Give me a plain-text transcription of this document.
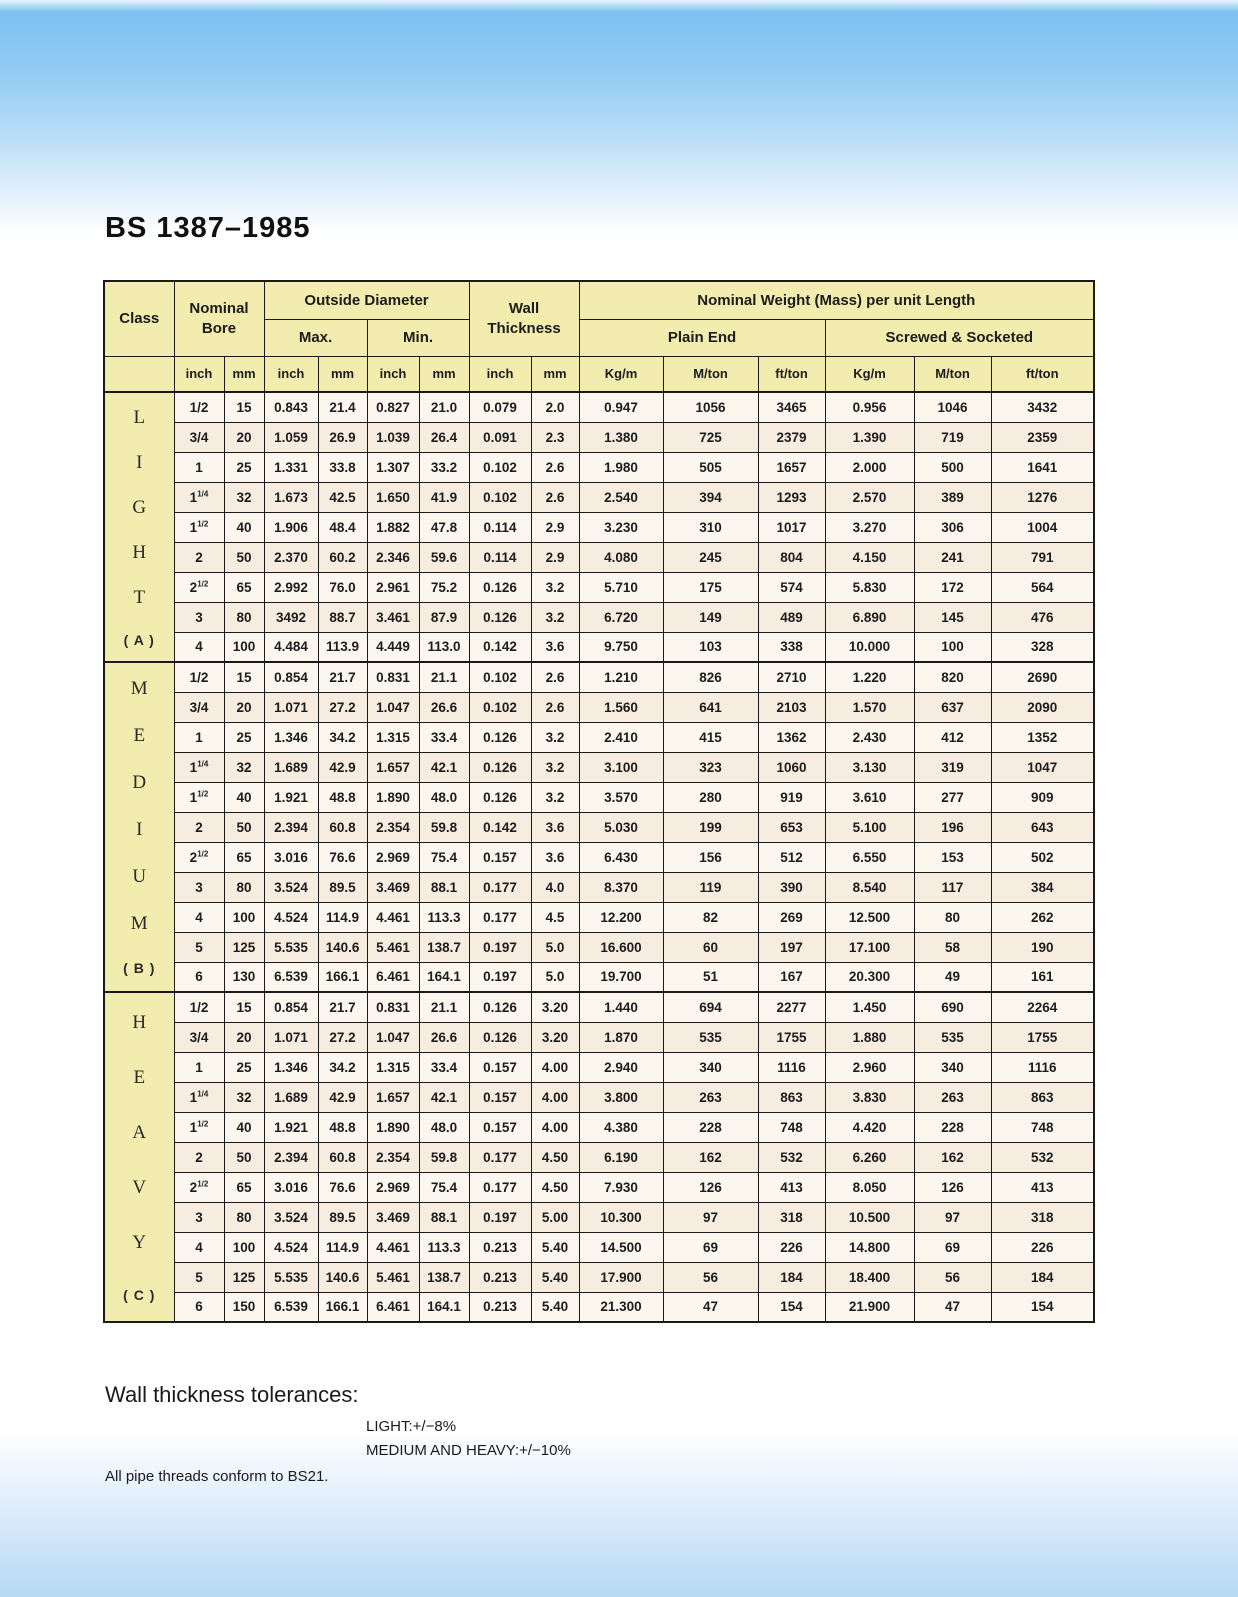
BS 1387–1985
Class	Nominal Bore		Outside Diameter				Wall Thickness		Nominal Weight (Mass) per unit Length					
			Max.		Min.				Plain End			Screwed & Socketed		
	inch	mm	inch	mm	inch	mm	inch	mm	Kg/m	M/ton	ft/ton	Kg/m	M/ton	ft/ton

L
I
G
H
T
( A )
	1/2	15	0.843	21.4	0.827	21.0	0.079	2.0	0.947	1056	3465	0.956	1046	3432
	3/4	20	1.059	26.9	1.039	26.4	0.091	2.3	1.380	725	2379	1.390	719	2359
	1	25	1.331	33.8	1.307	33.2	0.102	2.6	1.980	505	1657	2.000	500	1641
	$1^{1/4}$	32	1.673	42.5	1.650	41.9	0.102	2.6	2.540	394	1293	2.570	389	1276
	$1^{1/2}$	40	1.906	48.4	1.882	47.8	0.114	2.9	3.230	310	1017	3.270	306	1004
	2	50	2.370	60.2	2.346	59.6	0.114	2.9	4.080	245	804	4.150	241	791
	$2^{1/2}$	65	2.992	76.0	2.961	75.2	0.126	3.2	5.710	175	574	5.830	172	564
	3	80	3492	88.7	3.461	87.9	0.126	3.2	6.720	149	489	6.890	145	476
	4	100	4.484	113.9	4.449	113.0	0.142	3.6	9.750	103	338	10.000	100	328

M
E
D
I
U
M
( B )
	1/2	15	0.854	21.7	0.831	21.1	0.102	2.6	1.210	826	2710	1.220	820	2690
	3/4	20	1.071	27.2	1.047	26.6	0.102	2.6	1.560	641	2103	1.570	637	2090
	1	25	1.346	34.2	1.315	33.4	0.126	3.2	2.410	415	1362	2.430	412	1352
	$1^{1/4}$	32	1.689	42.9	1.657	42.1	0.126	3.2	3.100	323	1060	3.130	319	1047
	$1^{1/2}$	40	1.921	48.8	1.890	48.0	0.126	3.2	3.570	280	919	3.610	277	909
	2	50	2.394	60.8	2.354	59.8	0.142	3.6	5.030	199	653	5.100	196	643
	$2^{1/2}$	65	3.016	76.6	2.969	75.4	0.157	3.6	6.430	156	512	6.550	153	502
	3	80	3.524	89.5	3.469	88.1	0.177	4.0	8.370	119	390	8.540	117	384
	4	100	4.524	114.9	4.461	113.3	0.177	4.5	12.200	82	269	12.500	80	262
	5	125	5.535	140.6	5.461	138.7	0.197	5.0	16.600	60	197	17.100	58	190
	6	130	6.539	166.1	6.461	164.1	0.197	5.0	19.700	51	167	20.300	49	161

H
E
A
V
Y
( C )
	1/2	15	0.854	21.7	0.831	21.1	0.126	3.20	1.440	694	2277	1.450	690	2264
	3/4	20	1.071	27.2	1.047	26.6	0.126	3.20	1.870	535	1755	1.880	535	1755
	1	25	1.346	34.2	1.315	33.4	0.157	4.00	2.940	340	1116	2.960	340	1116
	$1^{1/4}$	32	1.689	42.9	1.657	42.1	0.157	4.00	3.800	263	863	3.830	263	863
	$1^{1/2}$	40	1.921	48.8	1.890	48.0	0.157	4.00	4.380	228	748	4.420	228	748
	2	50	2.394	60.8	2.354	59.8	0.177	4.50	6.190	162	532	6.260	162	532
	$2^{1/2}$	65	3.016	76.6	2.969	75.4	0.177	4.50	7.930	126	413	8.050	126	413
	3	80	3.524	89.5	3.469	88.1	0.197	5.00	10.300	97	318	10.500	97	318
	4	100	4.524	114.9	4.461	113.3	0.213	5.40	14.500	69	226	14.800	69	226
	5	125	5.535	140.6	5.461	138.7	0.213	5.40	17.900	56	184	18.400	56	184
	6	150	6.539	166.1	6.461	164.1	0.213	5.40	21.300	47	154	21.900	47	154
Wall thickness tolerances:
LIGHT:+/−8%
MEDIUM AND HEAVY:+/−10%
All pipe threads conform to BS21.
